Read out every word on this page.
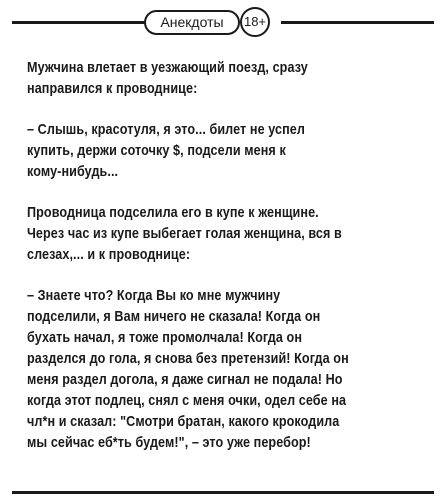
Анекдоты	18+

Мужчина влетает в уезжающий поезд, сразу
направился к проводнице:

– Слышь, красотуля, я это... билет не успел
купить, держи соточку $, подсели меня к
кому-нибудь...

Проводница подселила его в купе к женщине.
Через час из купе выбегает голая женщина, вся в
слезах,... и к проводнице:

– Знаете что? Когда Вы ко мне мужчину
подселили, я Вам ничего не сказала! Когда он
бухать начал, я тоже промолчала! Когда он
разделся до гола, я снова без претензий! Когда он
меня раздел догола, я даже сигнал не подала! Но
когда этот подлец, снял с меня очки, одел себе на
чл*н и сказал: "Смотри братан, какого крокодила
мы сейчас еб*ть будем!", – это уже перебор!
